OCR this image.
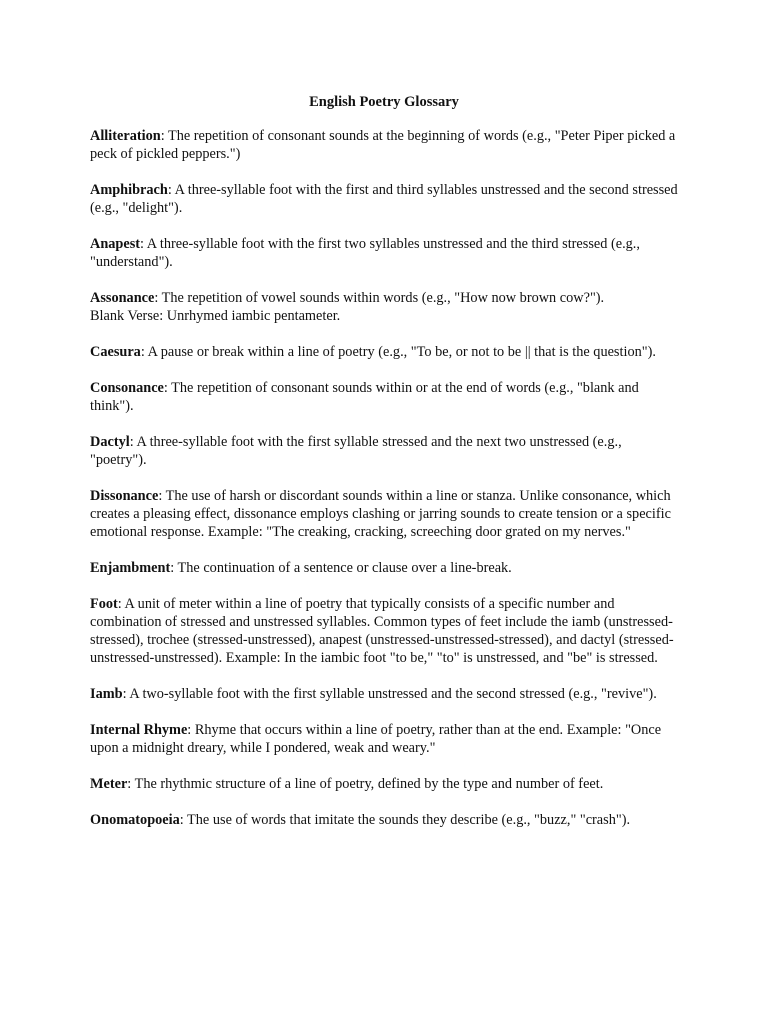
English Poetry Glossary
Alliteration: The repetition of consonant sounds at the beginning of words (e.g., "Peter Piper picked a peck of pickled peppers.")
Amphibrach: A three-syllable foot with the first and third syllables unstressed and the second stressed (e.g., "delight").
Anapest: A three-syllable foot with the first two syllables unstressed and the third stressed (e.g., "understand").
Assonance: The repetition of vowel sounds within words (e.g., "How now brown cow?").
Blank Verse: Unrhymed iambic pentameter.
Caesura: A pause or break within a line of poetry (e.g., "To be, or not to be || that is the question").
Consonance: The repetition of consonant sounds within or at the end of words (e.g., "blank and think").
Dactyl: A three-syllable foot with the first syllable stressed and the next two unstressed (e.g., "poetry").
Dissonance: The use of harsh or discordant sounds within a line or stanza. Unlike consonance, which creates a pleasing effect, dissonance employs clashing or jarring sounds to create tension or a specific emotional response. Example: "The creaking, cracking, screeching door grated on my nerves."
Enjambment: The continuation of a sentence or clause over a line-break.
Foot: A unit of meter within a line of poetry that typically consists of a specific number and combination of stressed and unstressed syllables. Common types of feet include the iamb (unstressed-stressed), trochee (stressed-unstressed), anapest (unstressed-unstressed-stressed), and dactyl (stressed-unstressed-unstressed). Example: In the iambic foot "to be," "to" is unstressed, and "be" is stressed.
Iamb: A two-syllable foot with the first syllable unstressed and the second stressed (e.g., "revive").
Internal Rhyme: Rhyme that occurs within a line of poetry, rather than at the end. Example: "Once upon a midnight dreary, while I pondered, weak and weary."
Meter: The rhythmic structure of a line of poetry, defined by the type and number of feet.
Onomatopoeia: The use of words that imitate the sounds they describe (e.g., "buzz," "crash").
